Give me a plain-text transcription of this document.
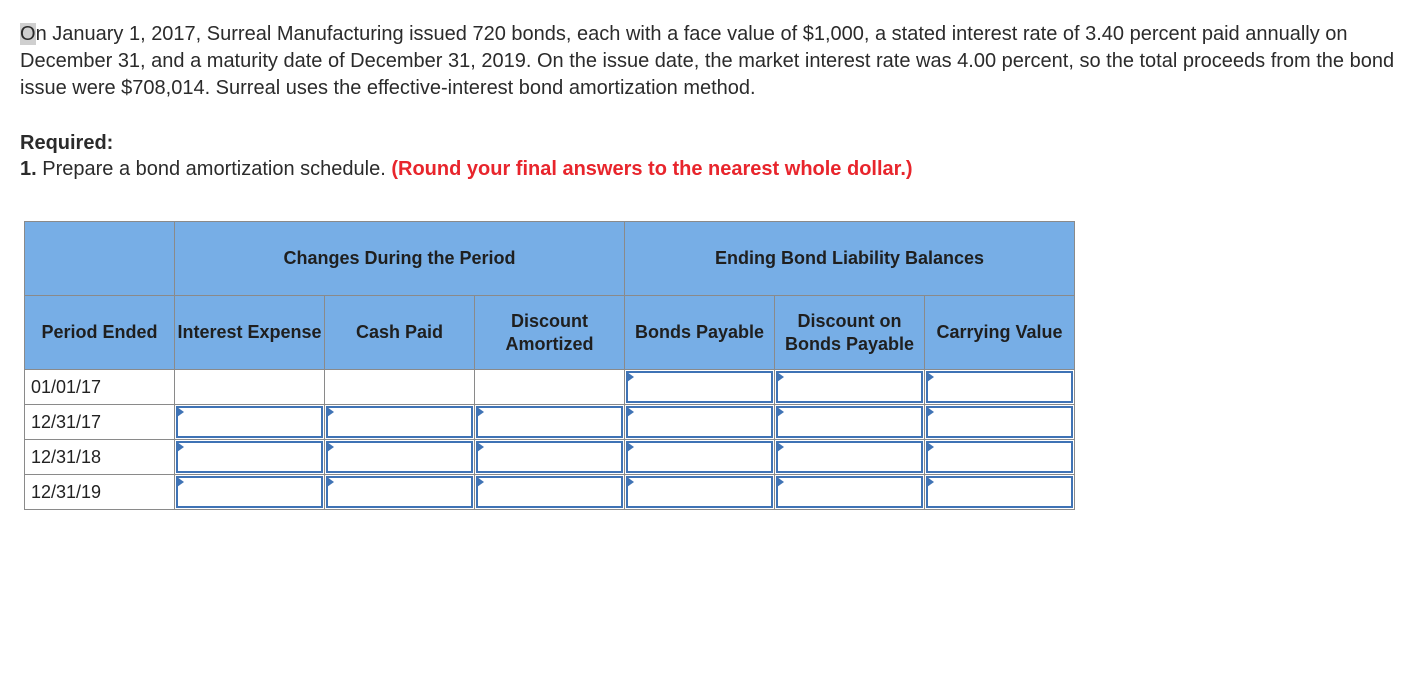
On January 1, 2017, Surreal Manufacturing issued 720 bonds, each with a face value of $1,000, a stated interest rate of 3.40 percent paid annually on December 31, and a maturity date of December 31, 2019. On the issue date, the market interest rate was 4.00 percent, so the total proceeds from the bond issue were $708,014. Surreal uses the effective-interest bond amortization method.
Required:
1. Prepare a bond amortization schedule. (Round your final answers to the nearest whole dollar.)
	Changes During the Period			Ending Bond Liability Balances		
Period Ended	Interest Expense	Cash Paid	Discount Amortized	Bonds Payable	Discount on Bonds Payable	Carrying Value
01/01/17				

12/31/17	

12/31/18	

12/31/19	
